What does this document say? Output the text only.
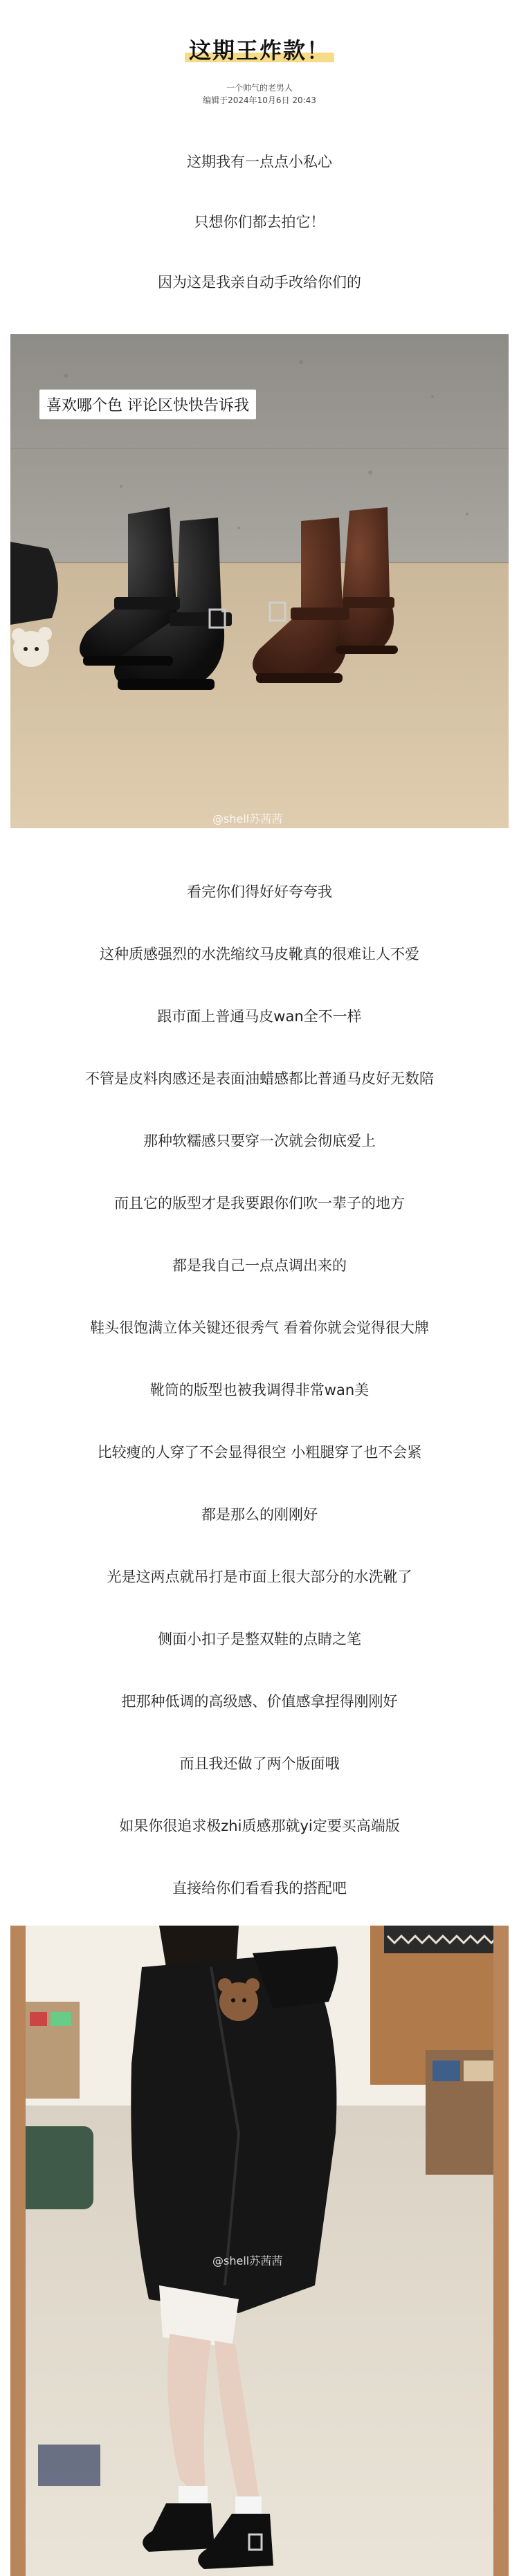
这期王炸款！
一个帅气的老男人
编辑于2024年10月6日 20:43
这期我有一点点小私心
只想你们都去拍它！
因为这是我亲自动手改给你们的
喜欢哪个色 评论区快快告诉我
@shell苏茜茜
看完你们得好好夸夸我
这种质感强烈的水洗缩纹马皮靴真的很难让人不爱
跟市面上普通马皮wan全不一样
不管是皮料肉感还是表面油蜡感都比普通马皮好无数陪
那种软糯感只要穿一次就会彻底爱上
而且它的版型才是我要跟你们吹一辈子的地方
都是我自己一点点调出来的
鞋头很饱满立体关键还很秀气 看着你就会觉得很大牌
靴筒的版型也被我调得非常wan美
比较瘦的人穿了不会显得很空 小粗腿穿了也不会紧
都是那么的刚刚好
光是这两点就吊打是市面上很大部分的水洗靴了
侧面小扣子是整双鞋的点睛之笔
把那种低调的高级感、价值感拿捏得刚刚好
而且我还做了两个版面哦
如果你很追求极zhi质感那就yi定要买高端版
直接给你们看看我的搭配吧
@shell苏茜茜
